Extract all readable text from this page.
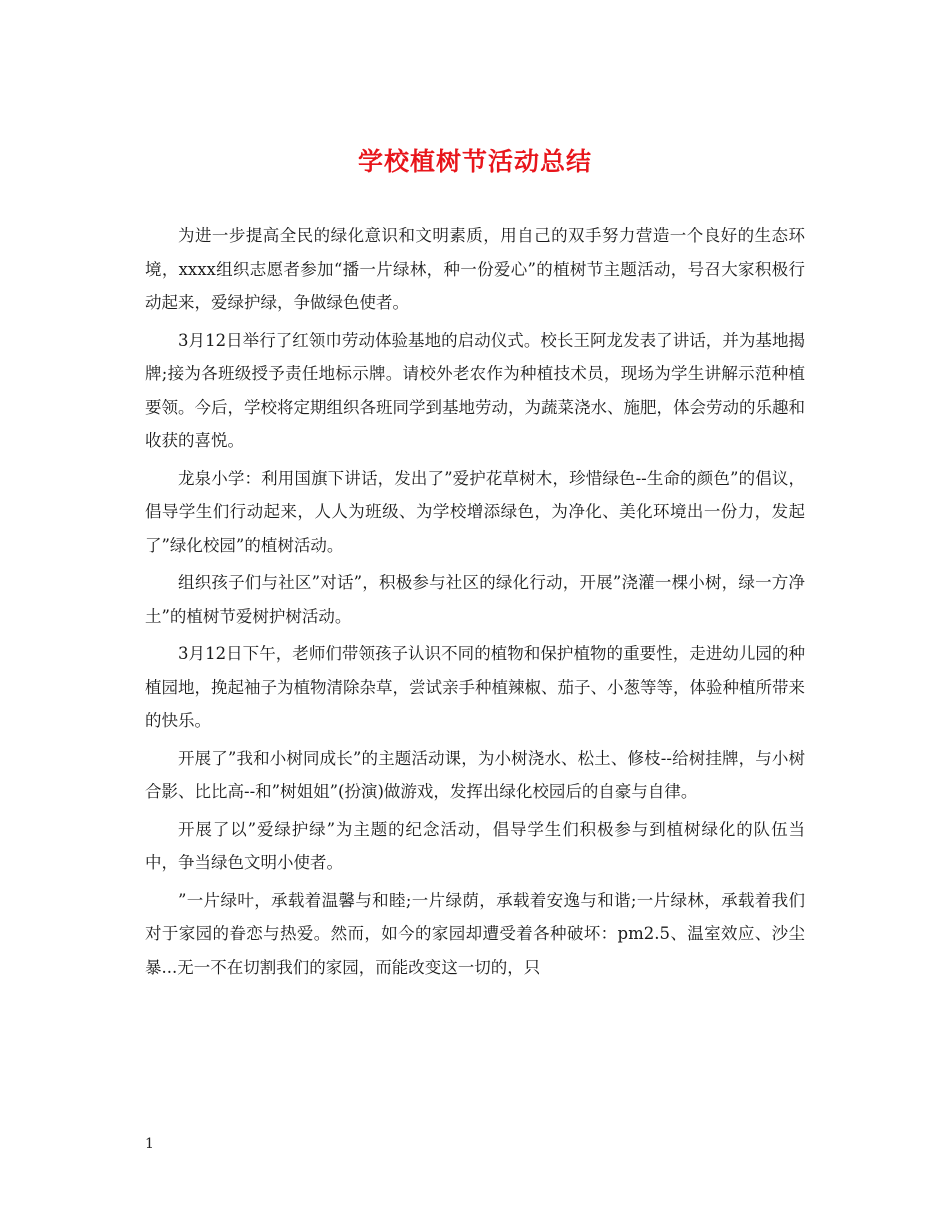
学校植树节活动总结

为进一步提高全民的绿化意识和文明素质，用自己的双手努力营造一个良好的生态环境，xxxx组织志愿者参加“播一片绿林，种一份爱心”的植树节主题活动，号召大家积极行动起来，爱绿护绿，争做绿色使者。

3月12日举行了红领巾劳动体验基地的启动仪式。校长王阿龙发表了讲话，并为基地揭牌;接为各班级授予责任地标示牌。请校外老农作为种植技术员，现场为学生讲解示范种植要领。今后，学校将定期组织各班同学到基地劳动，为蔬菜浇水、施肥，体会劳动的乐趣和收获的喜悦。

龙泉小学：利用国旗下讲话，发出了”爱护花草树木，珍惜绿色--生命的颜色”的倡议，倡导学生们行动起来，人人为班级、为学校增添绿色，为净化、美化环境出一份力，发起了”绿化校园”的植树活动。

组织孩子们与社区”对话”，积极参与社区的绿化行动，开展”浇灌一棵小树，绿一方净土”的植树节爱树护树活动。

3月12日下午，老师们带领孩子认识不同的植物和保护植物的重要性，走进幼儿园的种植园地，挽起袖子为植物清除杂草，尝试亲手种植辣椒、茄子、小葱等等，体验种植所带来的快乐。

开展了”我和小树同成长”的主题活动课，为小树浇水、松土、修枝--给树挂牌，与小树合影、比比高--和”树姐姐”(扮演)做游戏，发挥出绿化校园后的自豪与自律。

开展了以”爱绿护绿”为主题的纪念活动，倡导学生们积极参与到植树绿化的队伍当中，争当绿色文明小使者。

”一片绿叶，承载着温馨与和睦;一片绿荫，承载着安逸与和谐;一片绿林，承载着我们对于家园的眷恋与热爱。然而，如今的家园却遭受着各种破坏：pm2.5、温室效应、沙尘暴...无一不在切割我们的家园，而能改变这一切的，只

1
